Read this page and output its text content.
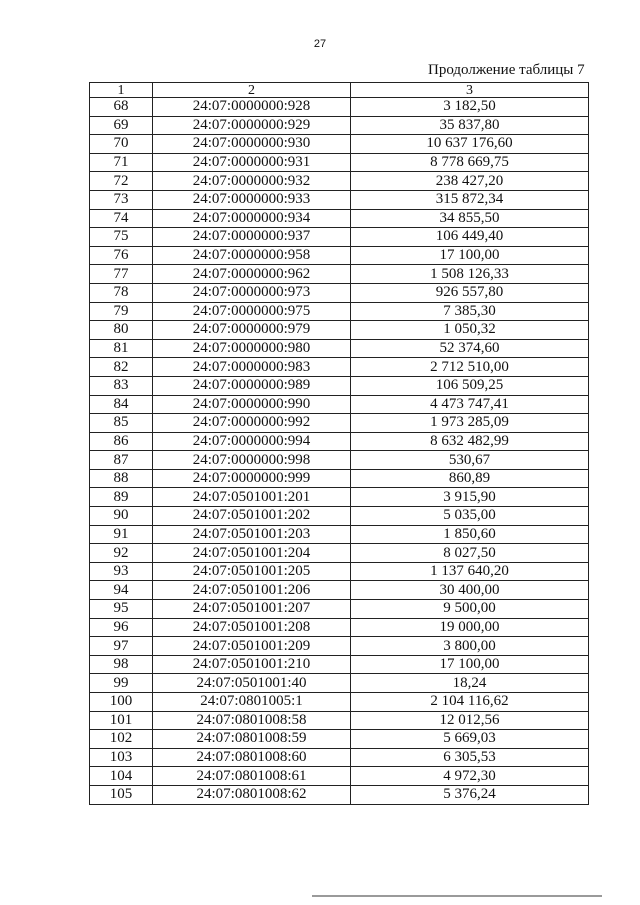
27
Продолжение таблицы 7
1	2	3
68	24:07:0000000:928	3 182,50
69	24:07:0000000:929	35 837,80
70	24:07:0000000:930	10 637 176,60
71	24:07:0000000:931	8 778 669,75
72	24:07:0000000:932	238 427,20
73	24:07:0000000:933	315 872,34
74	24:07:0000000:934	34 855,50
75	24:07:0000000:937	106 449,40
76	24:07:0000000:958	17 100,00
77	24:07:0000000:962	1 508 126,33
78	24:07:0000000:973	926 557,80
79	24:07:0000000:975	7 385,30
80	24:07:0000000:979	1 050,32
81	24:07:0000000:980	52 374,60
82	24:07:0000000:983	2 712 510,00
83	24:07:0000000:989	106 509,25
84	24:07:0000000:990	4 473 747,41
85	24:07:0000000:992	1 973 285,09
86	24:07:0000000:994	8 632 482,99
87	24:07:0000000:998	530,67
88	24:07:0000000:999	860,89
89	24:07:0501001:201	3 915,90
90	24:07:0501001:202	5 035,00
91	24:07:0501001:203	1 850,60
92	24:07:0501001:204	8 027,50
93	24:07:0501001:205	1 137 640,20
94	24:07:0501001:206	30 400,00
95	24:07:0501001:207	9 500,00
96	24:07:0501001:208	19 000,00
97	24:07:0501001:209	3 800,00
98	24:07:0501001:210	17 100,00
99	24:07:0501001:40	18,24
100	24:07:0801005:1	2 104 116,62
101	24:07:0801008:58	12 012,56
102	24:07:0801008:59	5 669,03
103	24:07:0801008:60	6 305,53
104	24:07:0801008:61	4 972,30
105	24:07:0801008:62	5 376,24
